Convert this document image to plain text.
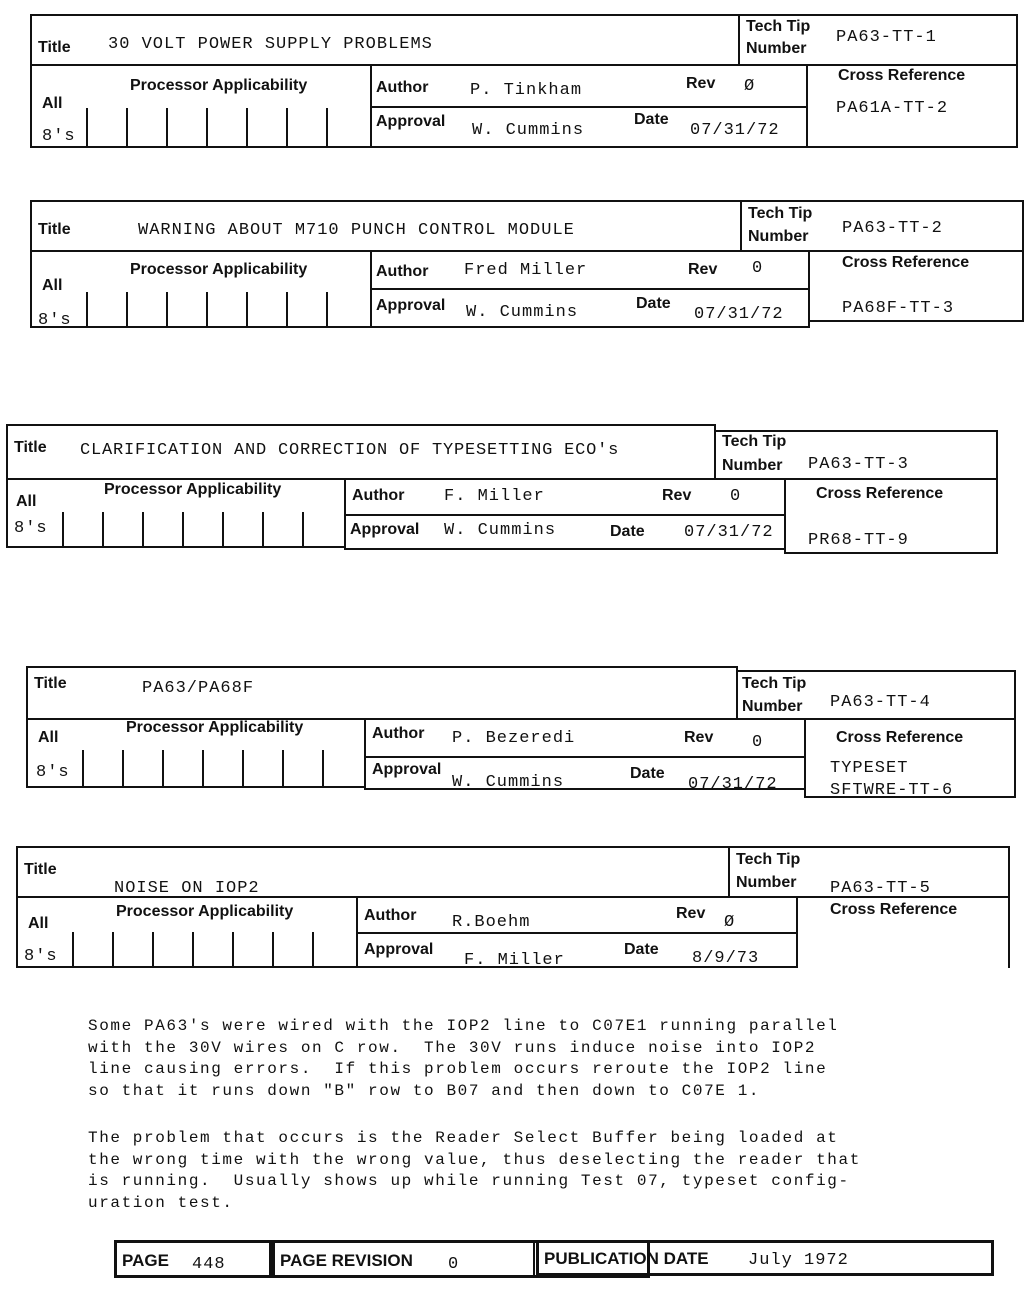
Title 30 VOLT POWER SUPPLY PROBLEMS
Tech Tip
Number
PA63-TT-1
Processor Applicability
All
8's
Author P. Tinkham	Rev Ø
Approval W. Cummins
Date
07/31/72
Cross Reference
PA61A-TT-2
Title	WARNING ABOUT M710 PUNCH CONTROL MODULE
Tech Tip
Number PA63-TT-2
Processor Applicability
All
8's
Author Fred Miller	Rev 0
Approval W. Cummins	Date
07/31/72
Cross Reference
PA68F-TT-3
Title CLARIFICATION AND CORRECTION OF TYPESETTING ECO's	Tech Tip
Number PA63-TT-3
Processor Applicability
All
8's
Author F. Miller	Rev 0
Approval W. Cummins	Date 07/31/72
Cross Reference
PR68-TT-9
Title	PA63/PA68F	Tech Tip
Number PA63-TT-4
Processor Applicability
All
8's
Author P. Bezeredi	Rev 0
Approval
W. Cummins	Date
07/31/72
Cross Reference
TYPESET
SFTWRE-TT-6
Title
NOISE ON IOP2
Tech Tip
Number PA63-TT-5
Processor Applicability
All
8's
Author R.Boehm	Rev Ø
Approval
F. Miller
Date 8/9/73
Cross Reference
Some PA63's were wired with the IOP2 line to C07E1 running parallel
with the 30V wires on C row.  The 30V runs induce noise into IOP2
line causing errors.  If this problem occurs reroute the IOP2 line
so that it runs down "B" row to B07 and then down to C07E 1.
The problem that occurs is the Reader Select Buffer being loaded at
the wrong time with the wrong value, thus deselecting the reader that
is running.  Usually shows up while running Test 07, typeset config-
uration test.
PAGE 448	PAGE REVISION 0	PUBLICATION DATE July 1972
